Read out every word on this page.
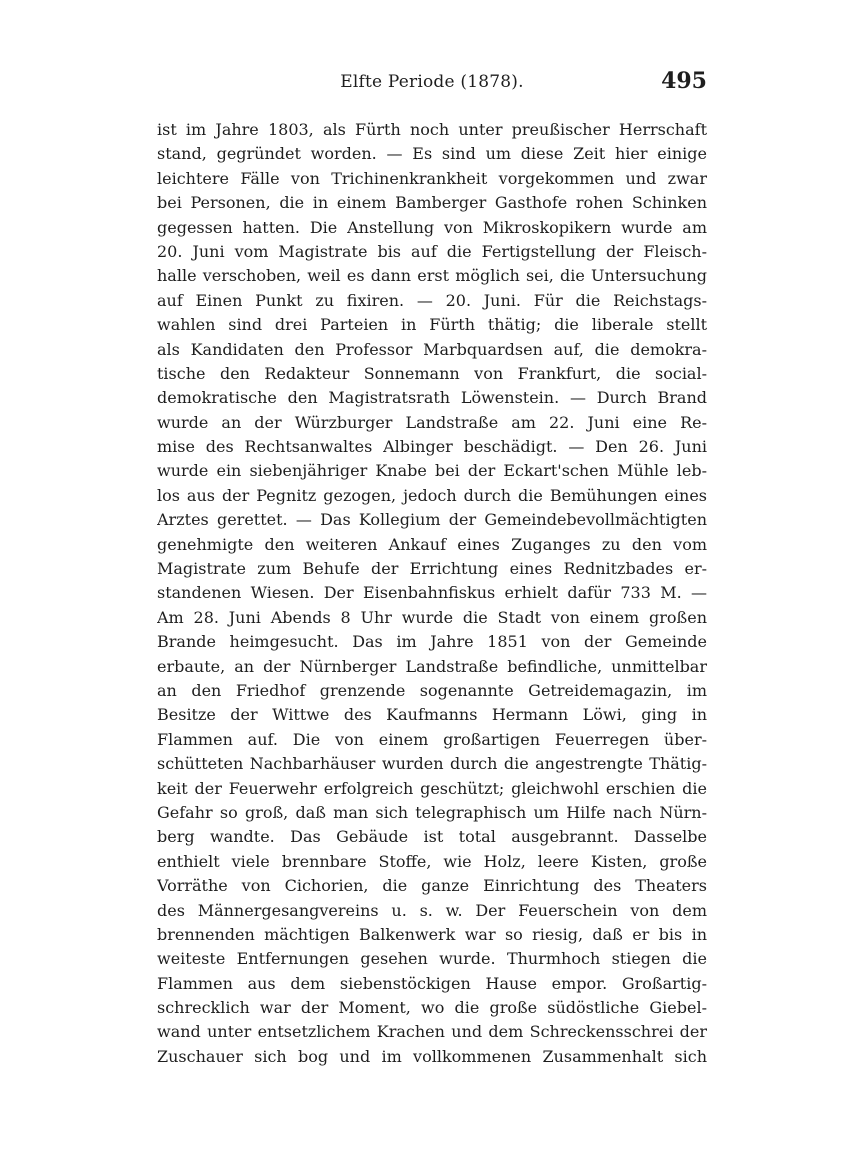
Elfte Periode (1878).	495
ist im Jahre 1803, als Fürth noch unter preußischer Herrschaft
stand, gegründet worden. — Es sind um diese Zeit hier einige
leichtere Fälle von Trichinenkrankheit vorgekommen und zwar
bei Personen, die in einem Bamberger Gasthofe rohen Schinken
gegessen hatten. Die Anstellung von Mikroskopikern wurde am
20. Juni vom Magistrate bis auf die Fertigstellung der Fleisch-
halle verschoben, weil es dann erst möglich sei, die Untersuchung
auf Einen Punkt zu fixiren. — 20. Juni. Für die Reichstags-
wahlen sind drei Parteien in Fürth thätig; die liberale stellt
als Kandidaten den Professor Marbquardsen auf, die demokra-
tische den Redakteur Sonnemann von Frankfurt, die social-
demokratische den Magistratsrath Löwenstein. — Durch Brand
wurde an der Würzburger Landstraße am 22. Juni eine Re-
mise des Rechtsanwaltes Albinger beschädigt. — Den 26. Juni
wurde ein siebenjähriger Knabe bei der Eckart'schen Mühle leb-
los aus der Pegnitz gezogen, jedoch durch die Bemühungen eines
Arztes gerettet. — Das Kollegium der Gemeindebevollmächtigten
genehmigte den weiteren Ankauf eines Zuganges zu den vom
Magistrate zum Behufe der Errichtung eines Rednitzbades er-
standenen Wiesen. Der Eisenbahnfiskus erhielt dafür 733 M. —
Am 28. Juni Abends 8 Uhr wurde die Stadt von einem großen
Brande heimgesucht. Das im Jahre 1851 von der Gemeinde
erbaute, an der Nürnberger Landstraße befindliche, unmittelbar
an den Friedhof grenzende sogenannte Getreidemagazin, im
Besitze der Wittwe des Kaufmanns Hermann Löwi, ging in
Flammen auf. Die von einem großartigen Feuerregen über-
schütteten Nachbarhäuser wurden durch die angestrengte Thätig-
keit der Feuerwehr erfolgreich geschützt; gleichwohl erschien die
Gefahr so groß, daß man sich telegraphisch um Hilfe nach Nürn-
berg wandte. Das Gebäude ist total ausgebrannt. Dasselbe
enthielt viele brennbare Stoffe, wie Holz, leere Kisten, große
Vorräthe von Cichorien, die ganze Einrichtung des Theaters
des Männergesangvereins u. s. w. Der Feuerschein von dem
brennenden mächtigen Balkenwerk war so riesig, daß er bis in
weiteste Entfernungen gesehen wurde. Thurmhoch stiegen die
Flammen aus dem siebenstöckigen Hause empor. Großartig-
schrecklich war der Moment, wo die große südöstliche Giebel-
wand unter entsetzlichem Krachen und dem Schreckensschrei der
Zuschauer sich bog und im vollkommenen Zusammenhalt sich
